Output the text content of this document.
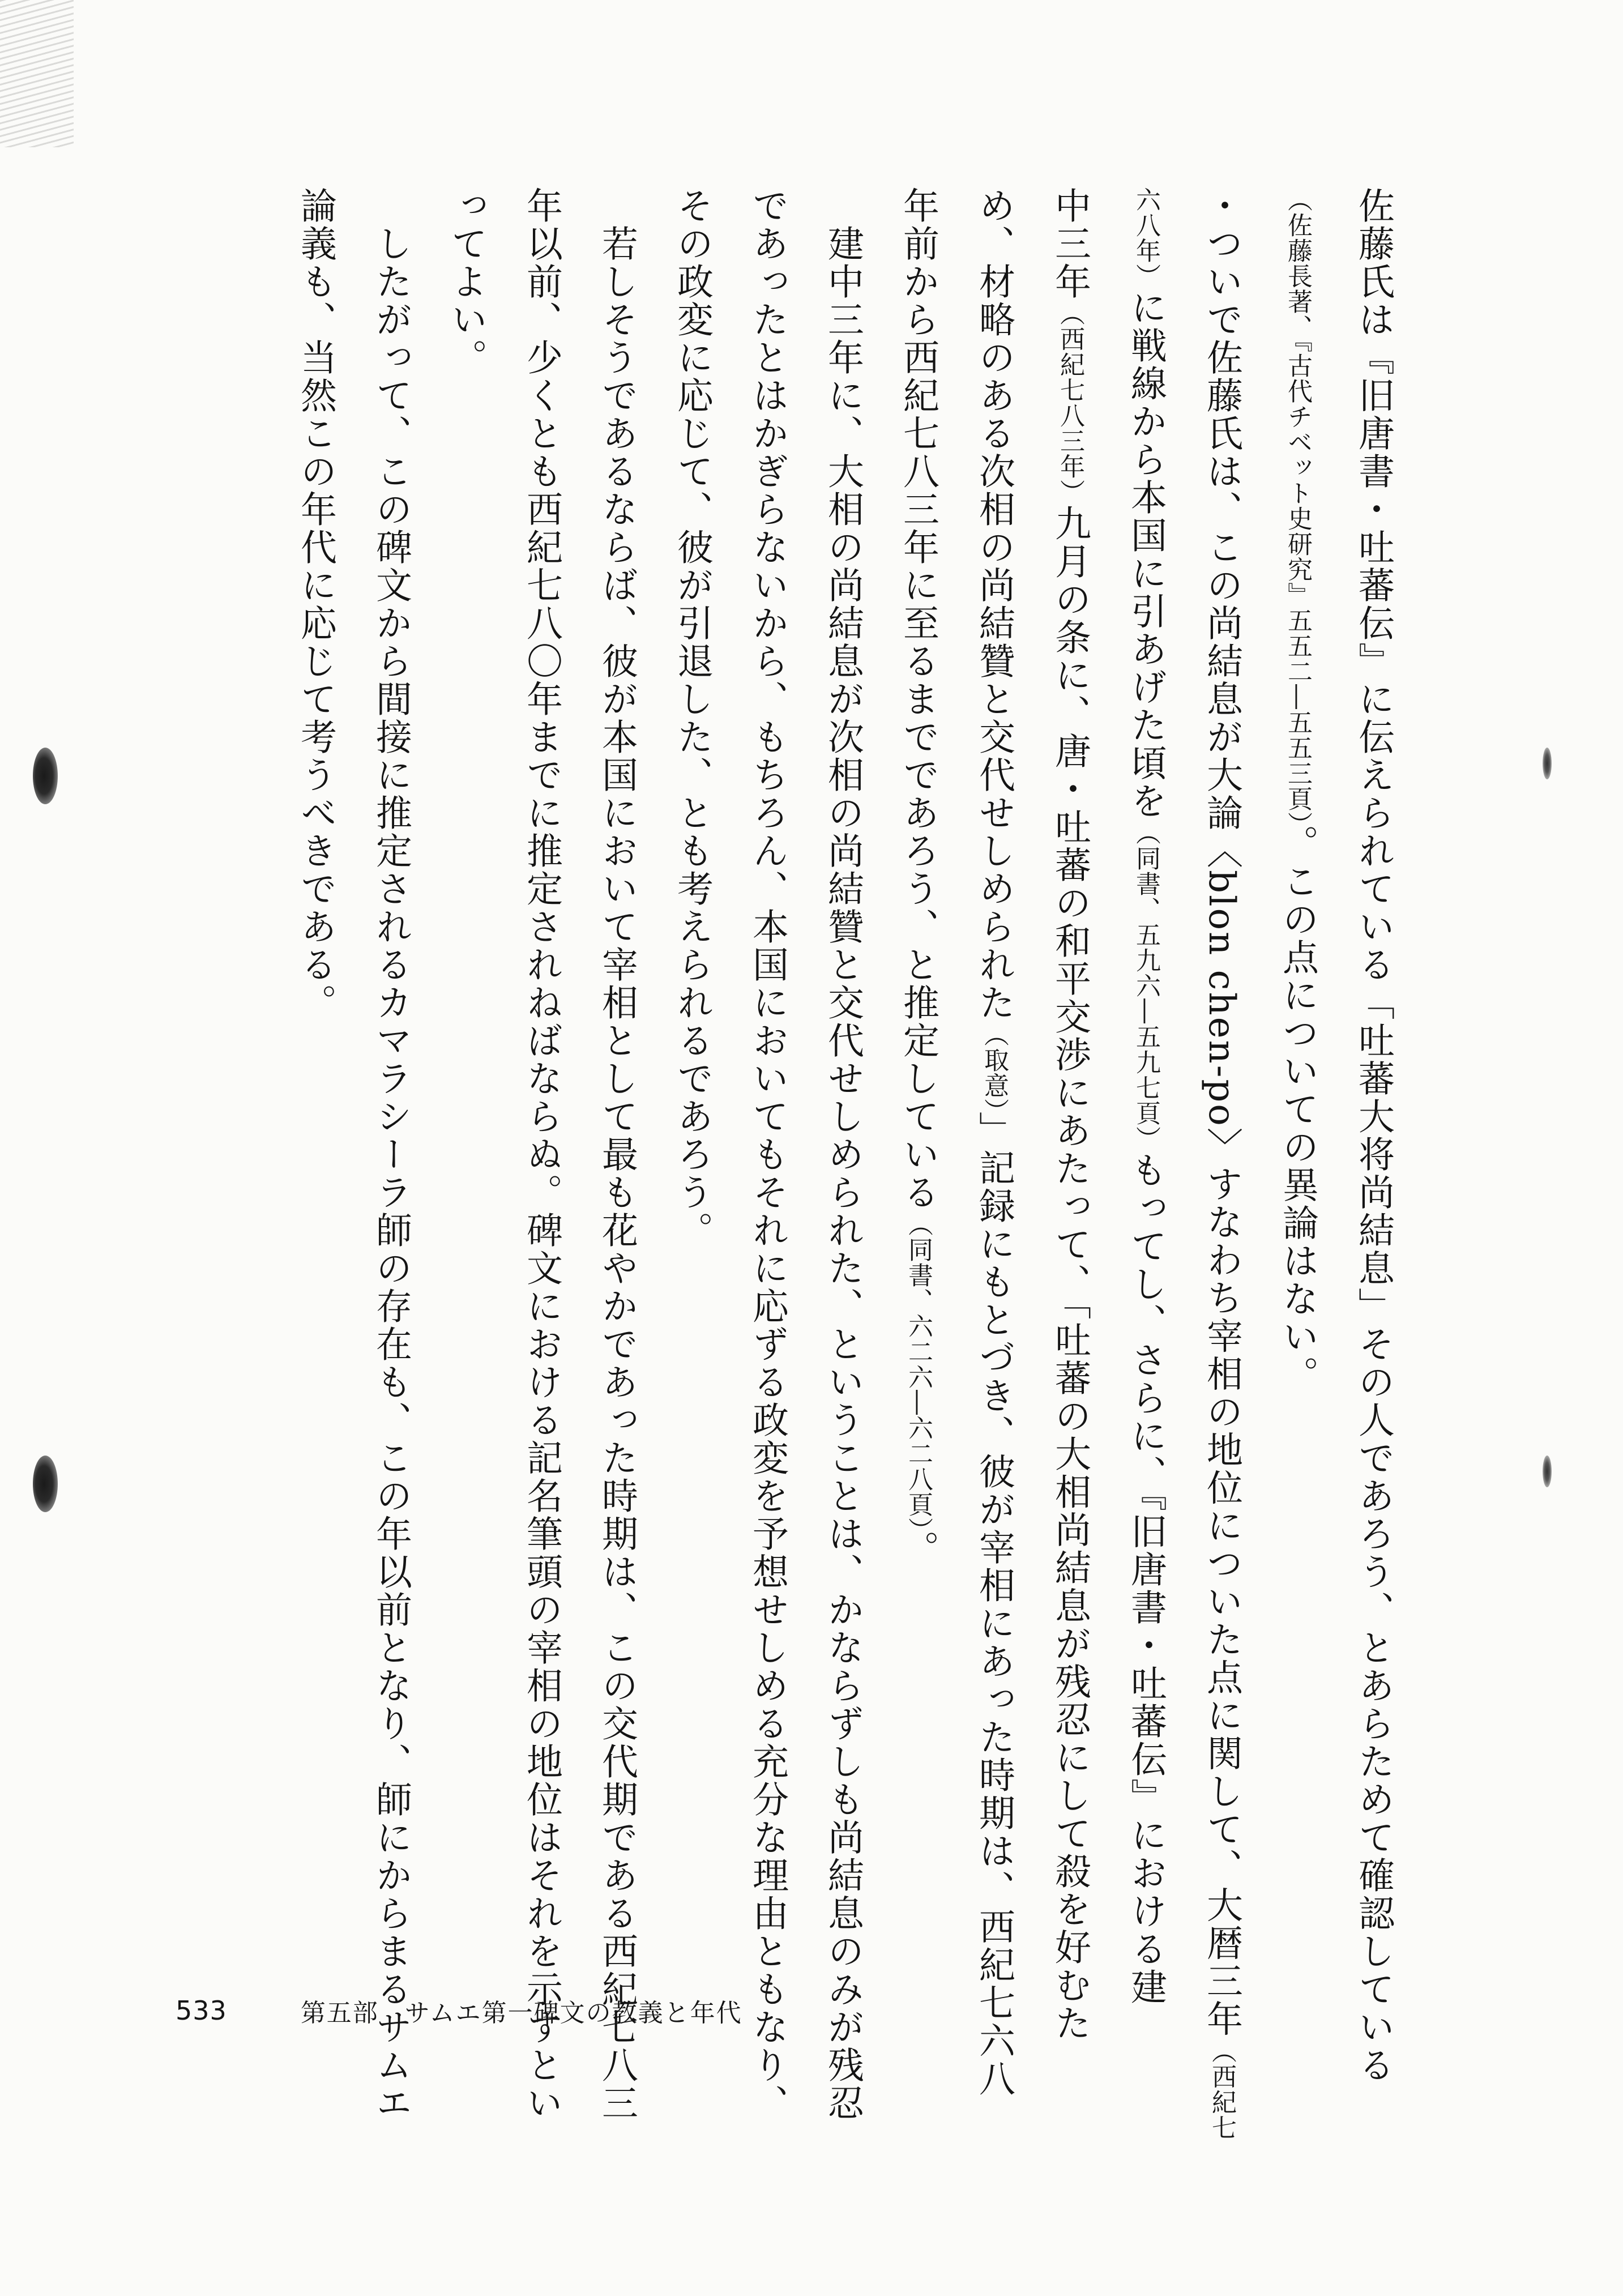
佐藤氏は『旧唐書・吐蕃伝』に伝えられている「吐蕃大将尚結息」その人であろう、とあらためて確認している
（佐藤長著、『古代チベット史研究』五五二―五五三頁）。この点についての異論はない。
・ついで佐藤氏は、この尚結息が大論〈blon chen-po〉すなわち宰相の地位についた点に関して、大暦三年（西紀七
六八年）に戦線から本国に引あげた頃を（同書、五九六―五九七頁）もってし、さらに、『旧唐書・吐蕃伝』における建
中三年（西紀七八三年）九月の条に、唐・吐蕃の和平交渉にあたって、「吐蕃の大相尚結息が残忍にして殺を好むた
め、材略のある次相の尚結贊と交代せしめられた（取意）」記録にもとづき、彼が宰相にあった時期は、西紀七六八
年前から西紀七八三年に至るまでであろう、と推定している（同書、六二六―六二八頁）。
　建中三年に、大相の尚結息が次相の尚結贊と交代せしめられた、ということは、かならずしも尚結息のみが残忍
であったとはかぎらないから、もちろん、本国においてもそれに応ずる政変を予想せしめる充分な理由ともなり、
その政変に応じて、彼が引退した、とも考えられるであろう。
　若しそうであるならば、彼が本国において宰相として最も花やかであった時期は、この交代期である西紀七八三
年以前、少くとも西紀七八〇年までに推定されねばならぬ。碑文における記名筆頭の宰相の地位はそれを示すとい
ってよい。
　したがって、この碑文から間接に推定されるカマラシーラ師の存在も、この年以前となり、師にからまるサムエ
論義も、当然この年代に応じて考うべきである。
533	第五部　サムエ第一碑文の教義と年代
